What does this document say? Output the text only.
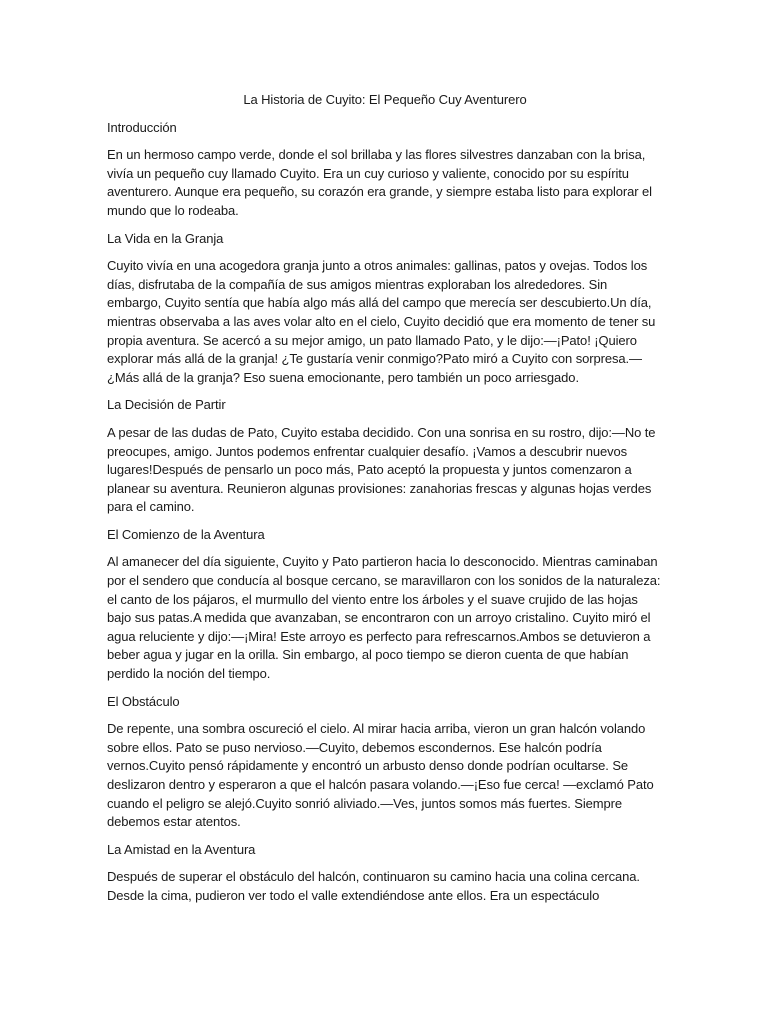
La Historia de Cuyito: El Pequeño Cuy Aventurero

Introducción

En un hermoso campo verde, donde el sol brillaba y las flores silvestres danzaban con la brisa, vivía un pequeño cuy llamado Cuyito. Era un cuy curioso y valiente, conocido por su espíritu aventurero. Aunque era pequeño, su corazón era grande, y siempre estaba listo para explorar el mundo que lo rodeaba.

La Vida en la Granja

Cuyito vivía en una acogedora granja junto a otros animales: gallinas, patos y ovejas. Todos los días, disfrutaba de la compañía de sus amigos mientras exploraban los alrededores. Sin embargo, Cuyito sentía que había algo más allá del campo que merecía ser descubierto.Un día, mientras observaba a las aves volar alto en el cielo, Cuyito decidió que era momento de tener su propia aventura. Se acercó a su mejor amigo, un pato llamado Pato, y le dijo:—¡Pato! ¡Quiero explorar más allá de la granja! ¿Te gustaría venir conmigo?Pato miró a Cuyito con sorpresa.—¿Más allá de la granja? Eso suena emocionante, pero también un poco arriesgado.

La Decisión de Partir

A pesar de las dudas de Pato, Cuyito estaba decidido. Con una sonrisa en su rostro, dijo:—No te preocupes, amigo. Juntos podemos enfrentar cualquier desafío. ¡Vamos a descubrir nuevos lugares!Después de pensarlo un poco más, Pato aceptó la propuesta y juntos comenzaron a planear su aventura. Reunieron algunas provisiones: zanahorias frescas y algunas hojas verdes para el camino.

El Comienzo de la Aventura

Al amanecer del día siguiente, Cuyito y Pato partieron hacia lo desconocido. Mientras caminaban por el sendero que conducía al bosque cercano, se maravillaron con los sonidos de la naturaleza: el canto de los pájaros, el murmullo del viento entre los árboles y el suave crujido de las hojas bajo sus patas.A medida que avanzaban, se encontraron con un arroyo cristalino. Cuyito miró el agua reluciente y dijo:—¡Mira! Este arroyo es perfecto para refrescarnos.Ambos se detuvieron a beber agua y jugar en la orilla. Sin embargo, al poco tiempo se dieron cuenta de que habían perdido la noción del tiempo.

El Obstáculo

De repente, una sombra oscureció el cielo. Al mirar hacia arriba, vieron un gran halcón volando sobre ellos. Pato se puso nervioso.—Cuyito, debemos escondernos. Ese halcón podría vernos.Cuyito pensó rápidamente y encontró un arbusto denso donde podrían ocultarse. Se deslizaron dentro y esperaron a que el halcón pasara volando.—¡Eso fue cerca! —exclamó Pato cuando el peligro se alejó.Cuyito sonrió aliviado.—Ves, juntos somos más fuertes. Siempre debemos estar atentos.

La Amistad en la Aventura

Después de superar el obstáculo del halcón, continuaron su camino hacia una colina cercana. Desde la cima, pudieron ver todo el valle extendiéndose ante ellos. Era un espectáculo
